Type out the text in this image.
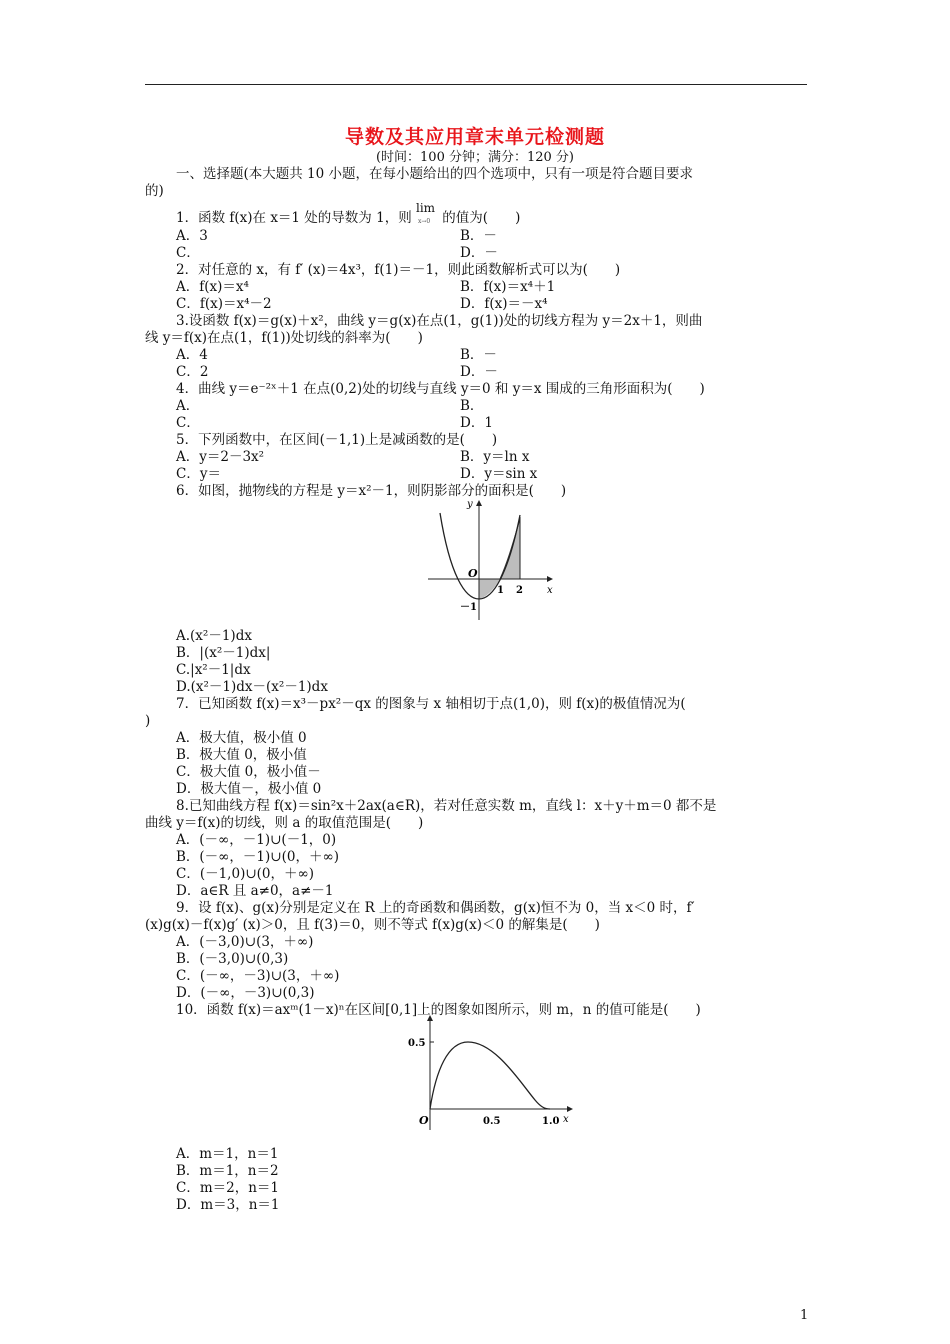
导数及其应用章末单元检测题
(时间：100 分钟；满分：120 分)
一、选择题(本大题共 10 小题，在每小题给出的四个选项中，只有一项是符合题目要求
的)
1．函数 f(x)在 x＝1 处的导数为 1，则
lim
x→0 的值为(　　)
A．3	B．－
C．	D．－
2．对任意的 x，有 f′ (x)＝4x³，f(1)＝－1，则此函数解析式可以为(　　)
A．f(x)＝x⁴	B．f(x)＝x⁴＋1
C．f(x)＝x⁴－2	D．f(x)＝－x⁴
3.设函数 f(x)＝g(x)＋x²，曲线 y＝g(x)在点(1，g(1))处的切线方程为 y＝2x＋1，则曲
线 y＝f(x)在点(1，f(1))处切线的斜率为(　　)
A．4	B．－
C．2	D．－
4．曲线 y＝e⁻²ˣ＋1 在点(0,2)处的切线与直线 y＝0 和 y＝x 围成的三角形面积为(　　)
A．	B．
C．	D．1
5．下列函数中，在区间(－1,1)上是减函数的是(　　)
A．y＝2－3x²	B．y＝ln x
C．y＝	D．y＝sin x
6．如图，抛物线的方程是 y＝x²－1，则阴影部分的面积是(　　)
y
x
O
1 2
－1
A.(x²－1)dx
B．|(x²－1)dx|
C.|x²－1|dx
D.(x²－1)dx－(x²－1)dx
7．已知函数 f(x)＝x³－px²－qx 的图象与 x 轴相切于点(1,0)，则 f(x)的极值情况为(
)
A．极大值，极小值 0
B．极大值 0，极小值
C．极大值 0，极小值－
D．极大值－，极小值 0
8.已知曲线方程 f(x)＝sin²x＋2ax(a∈R)，若对任意实数 m，直线 l：x＋y＋m＝0 都不是
曲线 y＝f(x)的切线，则 a 的取值范围是(　　)
A．(－∞，－1)∪(－1，0)
B．(－∞，－1)∪(0，＋∞)
C．(－1,0)∪(0，＋∞)
D．a∈R 且 a≠0，a≠－1
9．设 f(x)、g(x)分别是定义在 R 上的奇函数和偶函数，g(x)恒不为 0，当 x＜0 时，f′
(x)g(x)－f(x)g′ (x)＞0，且 f(3)＝0，则不等式 f(x)g(x)＜0 的解集是(　　)
A．(－3,0)∪(3，＋∞)
B．(－3,0)∪(0,3)
C．(－∞，－3)∪(3，＋∞)
D．(－∞，－3)∪(0,3)
10．函数 f(x)＝axᵐ(1－x)ⁿ在区间[0,1]上的图象如图所示，则 m，n 的值可能是(　　)
0.5
O	0.5	1.0 x
A．m＝1，n＝1
B．m＝1，n＝2
C．m＝2，n＝1
D．m＝3，n＝1
1
